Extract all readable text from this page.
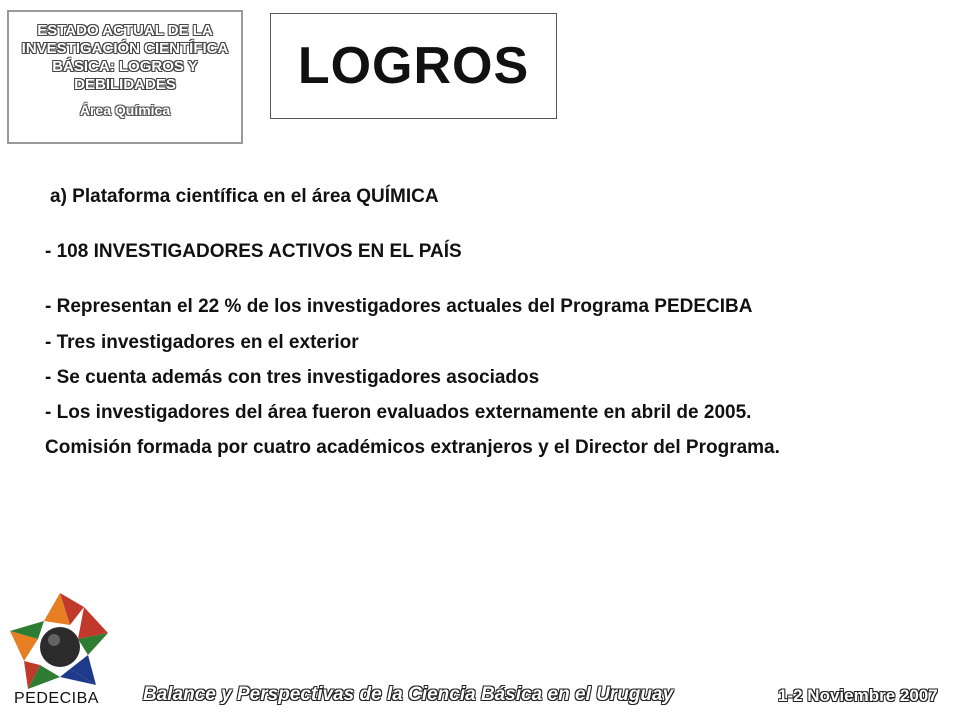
ESTADO ACTUAL DE LA INVESTIGACIÓN CIENTÍFICA BÁSICA: LOGROS Y DEBILIDADES
Área Química
LOGROS
a) Plataforma científica en el área QUÍMICA
- 108 INVESTIGADORES ACTIVOS EN EL PAÍS
- Representan el 22 % de los investigadores actuales del Programa PEDECIBA
- Tres investigadores en el exterior
- Se cuenta además con tres investigadores asociados
- Los investigadores del área fueron evaluados externamente en abril de 2005.
Comisión formada por cuatro académicos extranjeros y el Director del Programa.
PEDECIBA Balance y Perspectivas de la Ciencia Básica en el Uruguay	1-2 Noviembre 2007
